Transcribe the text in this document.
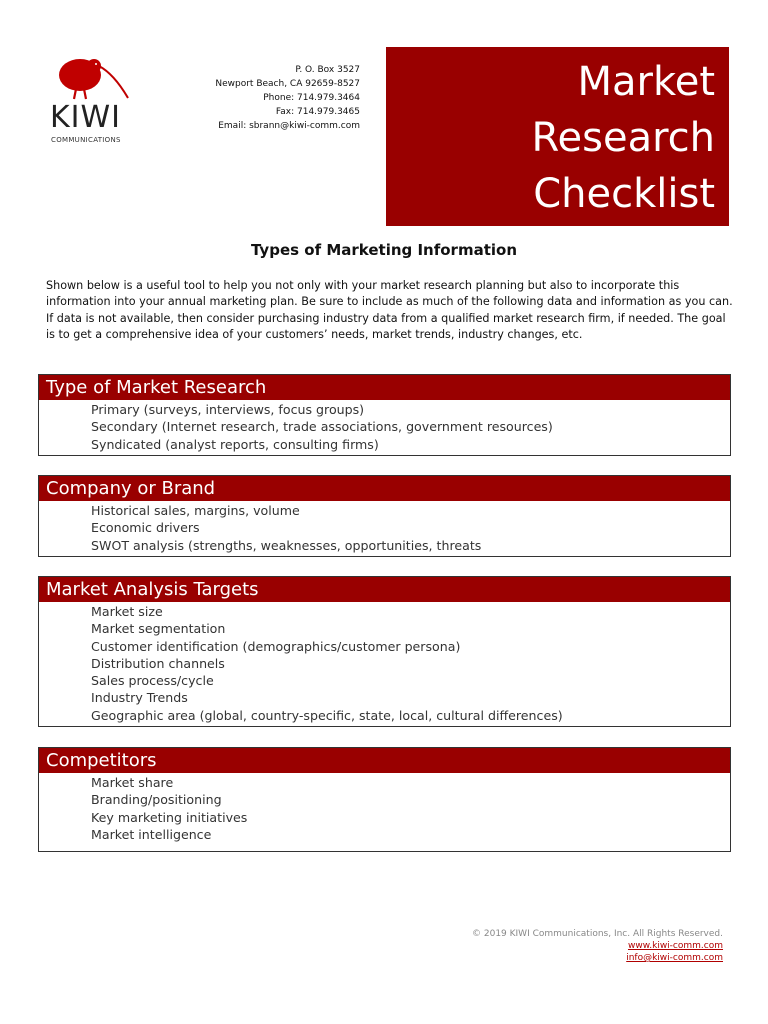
KIWI
COMMUNICATIONS
P. O. Box 3527
Newport Beach, CA 92659-8527
Phone: 714.979.3464
Fax: 714.979.3465
Email: sbrann@kiwi-comm.com
Market
Research
Checklist
Types of Marketing Information
Shown below is a useful tool to help you not only with your market research planning but also to incorporate this information into your annual marketing plan. Be sure to include as much of the following data and information as you can. If data is not available, then consider purchasing industry data from a qualified market research firm, if needed. The goal is to get a comprehensive idea of your customers’ needs, market trends, industry changes, etc.
Type of Market Research
Primary (surveys, interviews, focus groups)
Secondary (Internet research, trade associations, government resources)
Syndicated (analyst reports, consulting firms)
Company or Brand
Historical sales, margins, volume
Economic drivers
SWOT analysis (strengths, weaknesses, opportunities, threats
Market Analysis Targets
Market size
Market segmentation
Customer identification (demographics/customer persona)
Distribution channels
Sales process/cycle
Industry Trends
Geographic area (global, country-specific, state, local, cultural differences)
Competitors
Market share
Branding/positioning
Key marketing initiatives
Market intelligence
© 2019 KIWI Communications, Inc. All Rights Reserved.
www.kiwi-comm.com
info@kiwi-comm.com
